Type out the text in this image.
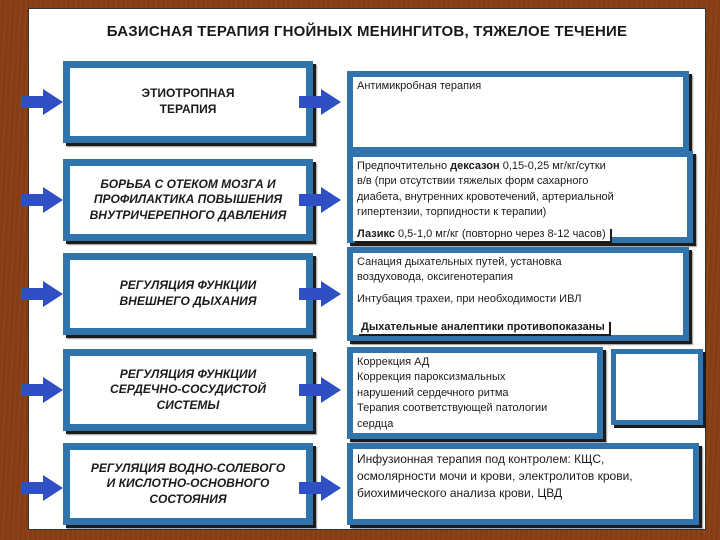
БАЗИСНАЯ ТЕРАПИЯ ГНОЙНЫХ МЕНИНГИТОВ, ТЯЖЕЛОЕ ТЕЧЕНИЕ
ЭТИОТРОПНАЯ
ТЕРАПИЯ
Антимикробная терапия
БОРЬБА С ОТЕКОМ МОЗГА И
ПРОФИЛАКТИКА ПОВЫШЕНИЯ
ВНУТРИЧЕРЕПНОГО ДАВЛЕНИЯ
Предпочтительно дексазон 0,15-0,25 мг/кг/сутки
в/в (при отсутствии тяжелых форм сахарного
диабета, внутренних кровотечений, артериальной
гипертензии, торпидности к терапии)
Лазикс 0,5-1,0 мг/кг (повторно через 8-12 часов)
РЕГУЛЯЦИЯ ФУНКЦИИ
ВНЕШНЕГО ДЫХАНИЯ
Санация дыхательных путей, установка
воздуховода, оксигенотерапия
Интубация трахеи, при необходимости ИВЛ
Дыхательные аналептики противопоказаны
РЕГУЛЯЦИЯ ФУНКЦИИ
СЕРДЕЧНО-СОСУДИСТОЙ
СИСТЕМЫ
Коррекция АД
Коррекция пароксизмальных
нарушений сердечного ритма
Терапия соответствующей патологии
сердца
РЕГУЛЯЦИЯ ВОДНО-СОЛЕВОГО
И КИСЛОТНО-ОСНОВНОГО
СОСТОЯНИЯ
Инфузионная терапия под контролем: КЩС,
осмолярности мочи и крови, электролитов крови,
биохимического анализа крови, ЦВД
